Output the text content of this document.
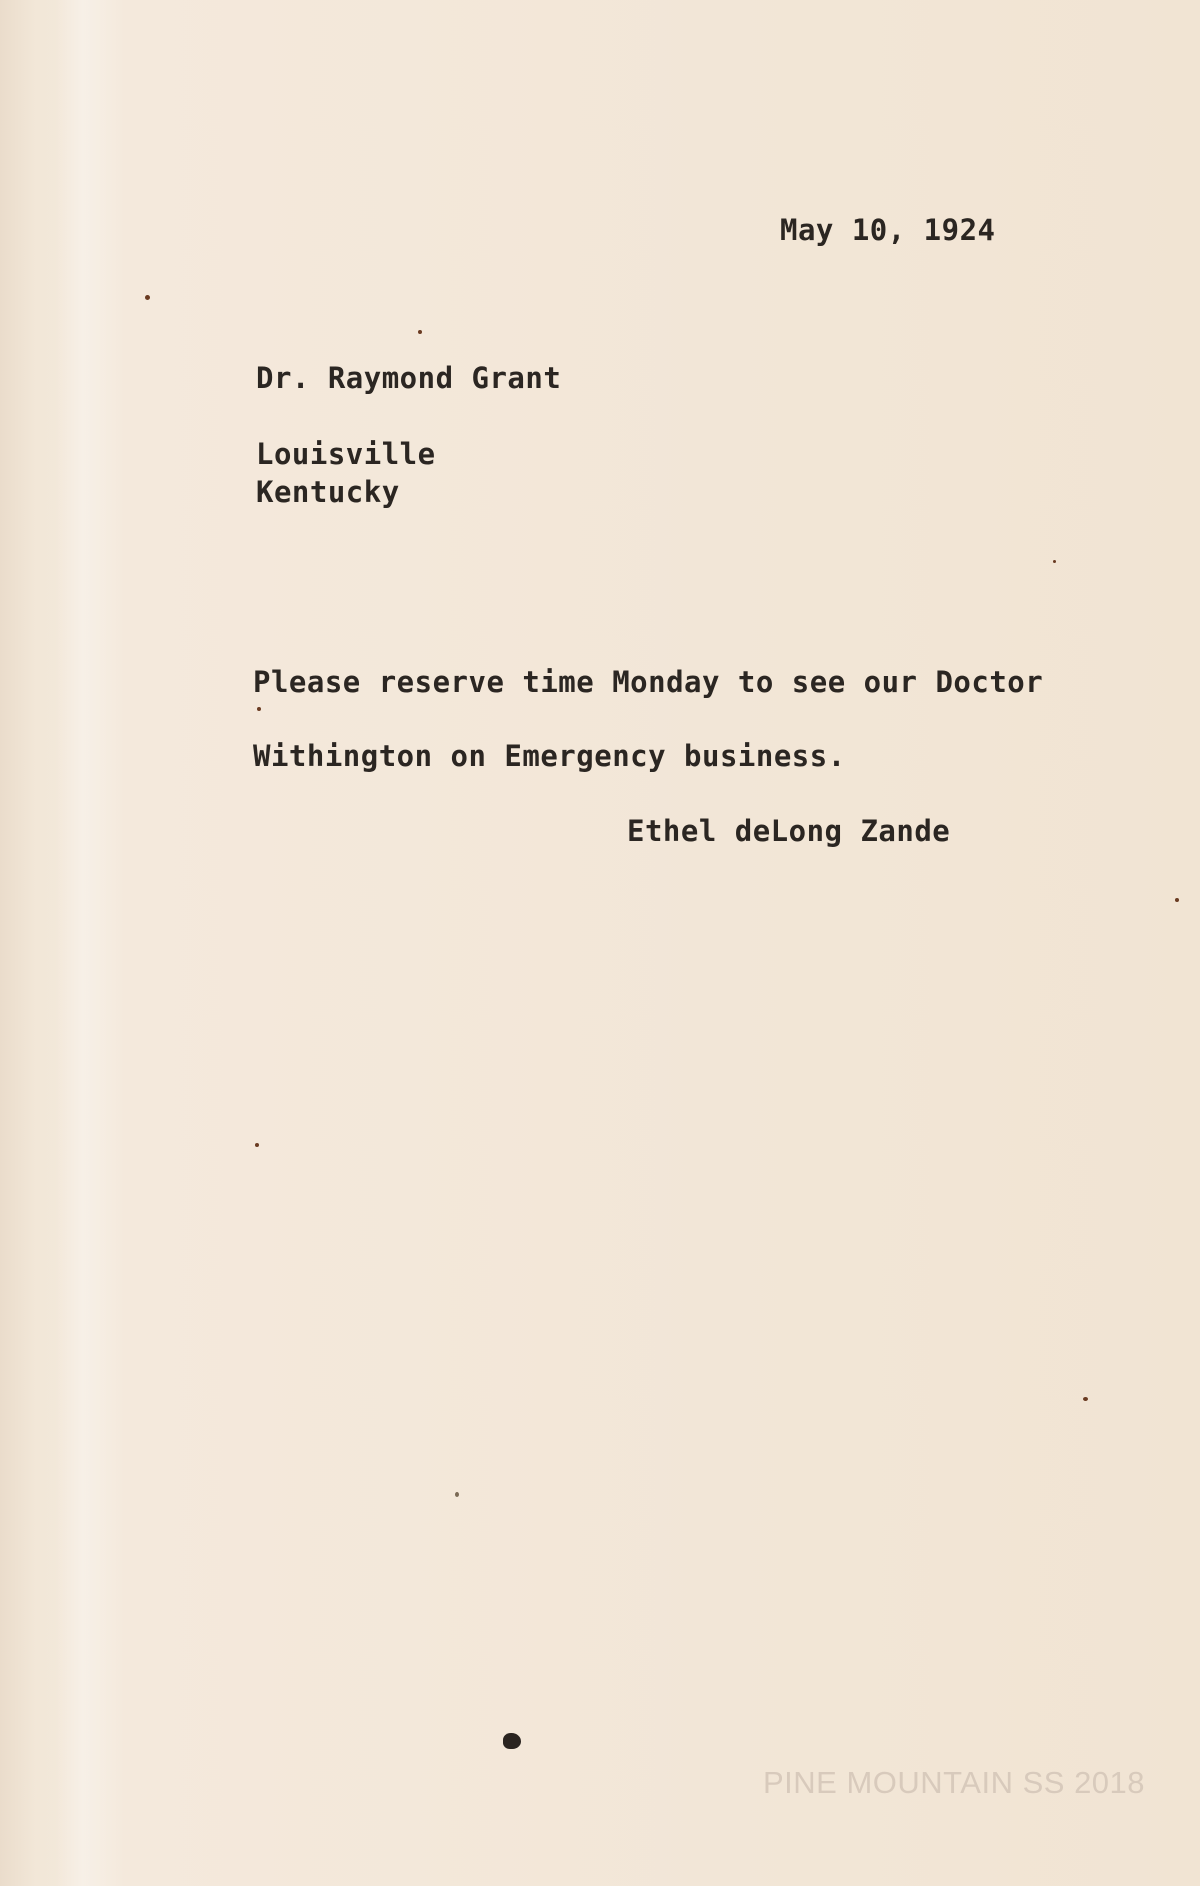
May 10, 1924
Dr. Raymond Grant
Louisville
Kentucky
Please reserve time Monday to see our Doctor
Withington on Emergency business.
Ethel deLong Zande
PINE MOUNTAIN SS 2018
